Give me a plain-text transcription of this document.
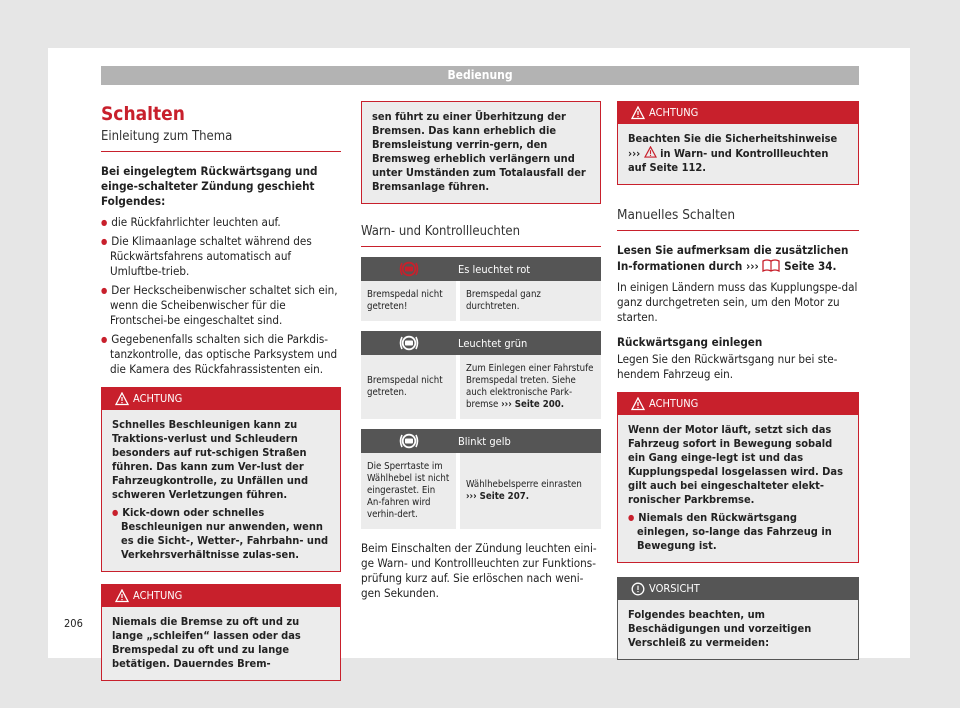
Bedienung
Schalten
Einleitung zum Thema

Bei eingelegtem Rückwärtsgang und einge-schalteter Zündung geschieht Folgendes:

● die Rückfahrlichter leuchten auf.
● Die Klimaanlage schaltet während des Rückwärtsfahrens automatisch auf Umluftbe-trieb.
● Der Heckscheibenwischer schaltet sich ein, wenn die Scheibenwischer für die Frontschei-be eingeschaltet sind.
● Gegebenenfalls schalten sich die Parkdis-tanzkontrolle, das optische Parksystem und die Kamera des Rückfahrassistenten ein.
ACHTUNG
Schnelles Beschleunigen kann zu Traktions-verlust und Schleudern besonders auf rut-schigen Straßen führen. Das kann zum Ver-lust der Fahrzeugkontrolle, zu Unfällen und schweren Verletzungen führen.
● Kick-down oder schnelles Beschleunigen nur anwenden, wenn es die Sicht-, Wetter-, Fahrbahn- und Verkehrsverhältnisse zulas-sen.
ACHTUNG
Niemals die Bremse zu oft und zu lange „schleifen“ lassen oder das Bremspedal zu oft und zu lange betätigen. Dauerndes Brem-
sen führt zu einer Überhitzung der Bremsen. Das kann erheblich die Bremsleistung verrin-gern, den Bremsweg erheblich verlängern und unter Umständen zum Totalausfall der Bremsanlage führen.
Warn- und Kontrollleuchten
Es leuchtet rot
Bremspedal nicht getreten!
Bremspedal ganz durchtreten.
Leuchtet grün
Bremspedal nicht getreten.
Zum Einlegen einer Fahrstufe Bremspedal treten. Siehe auch elektronische Park-bremse ››› Seite 200.
Blinkt gelb
Die Sperrtaste im Wählhebel ist nicht eingerastet. Ein An-fahren wird verhin-dert.
Wählhebelsperre einrasten
››› Seite 207.

Beim Einschalten der Zündung leuchten eini-ge Warn- und Kontrollleuchten zur Funktions-prüfung kurz auf. Sie erlöschen nach weni-gen Sekunden.

ACHTUNG
Beachten Sie die Sicherheitshinweise ››› in Warn- und Kontrollleuchten auf Seite 112.
Manuelles Schalten

Lesen Sie aufmerksam die zusätzlichen In-formationen durch ››› Seite 34.

In einigen Ländern muss das Kupplungspe-dal ganz durchgetreten sein, um den Motor zu starten.

Rückwärtsgang einlegen

Legen Sie den Rückwärtsgang nur bei ste-hendem Fahrzeug ein.

ACHTUNG
Wenn der Motor läuft, setzt sich das Fahrzeug sofort in Bewegung sobald ein Gang einge-legt ist und das Kupplungspedal losgelassen wird. Das gilt auch bei eingeschalteter elekt-ronischer Parkbremse.
● Niemals den Rückwärtsgang einlegen, so-lange das Fahrzeug in Bewegung ist.
VORSICHT
Folgendes beachten, um Beschädigungen und vorzeitigen Verschleiß zu vermeiden:
206
